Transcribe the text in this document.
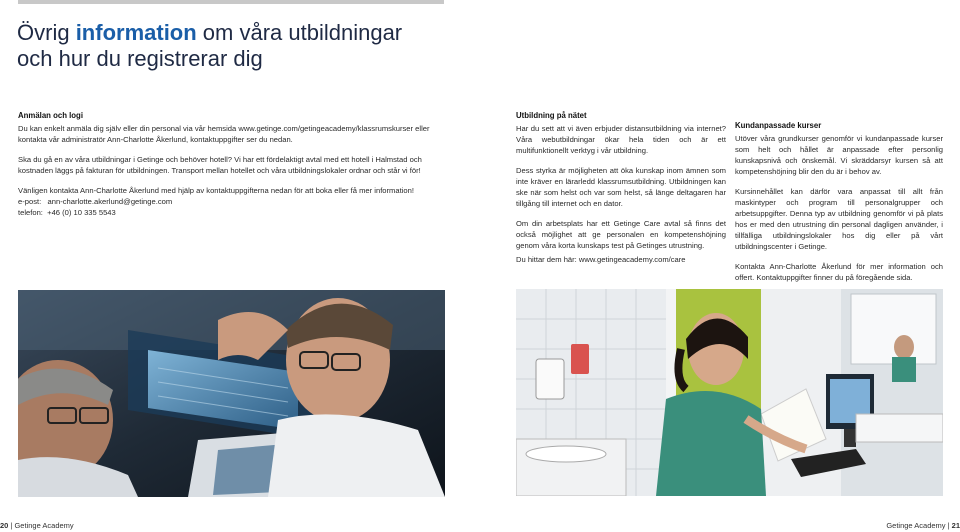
Övrig information om våra utbildningar
och hur du registrerar dig
Anmälan och logi

Du kan enkelt anmäla dig själv eller din personal via vår hemsida www.getinge.com/getingeacademy/klassrumskurser eller kontakta vår administratör Ann-Charlotte Åkerlund, kontaktuppgifter ser du nedan.

Ska du gå en av våra utbildningar i Getinge och behöver hotell? Vi har ett fördelaktigt avtal med ett hotell i Halmstad och kostnaden läggs på fakturan för utbildningen. Transport mellan hotellet och våra utbildningslokaler ordnar och står vi för!

Vänligen kontakta Ann-Charlotte Åkerlund med hjälp av kontaktuppgifterna nedan för att boka eller få mer information!

e-post:   ann-charlotte.akerlund@getinge.com

telefon:  +46 (0) 10 335 5543

Utbildning på nätet

Har du sett att vi även erbjuder distansutbildning via internet? Våra webutbildningar ökar hela tiden och är ett multifunktionellt verktyg i vår utbildning.

Dess styrka är möjligheten att öka kunskap inom ämnen som inte kräver en lärarledd klassrumsutbildning. Utbildningen kan ske när som helst och var som helst, så länge deltagaren har tillgång till internet och en dator.

Om din arbetsplats har ett Getinge Care avtal så finns det också möjlighet att ge personalen en kompetenshöjning genom våra korta kunskaps test på Getinges utrustning.

Du hittar dem här: www.getingeacademy.com/care

Kundanpassade kurser

Utöver våra grundkurser genomför vi kundanpassade kurser som helt och hållet är anpassade efter personlig kunskapsnivå och önskemål. Vi skräddarsyr kursen så att kompetenshöjning blir den du är i behov av.

Kursinnehållet kan därför vara anpassat till allt från maskintyper och program till personalgrupper och arbetsuppgifter. Denna typ av utbildning genomför vi på plats hos er med den utrustning din personal dagligen använder, i tillfälliga utbildningslokaler hos dig eller på vårt utbildningscenter i Getinge.

Kontakta Ann-Charlotte Åkerlund för mer information och offert. Kontaktuppgifter finner du på föregående sida.

20 | Getinge Academy	Getinge Academy | 21
